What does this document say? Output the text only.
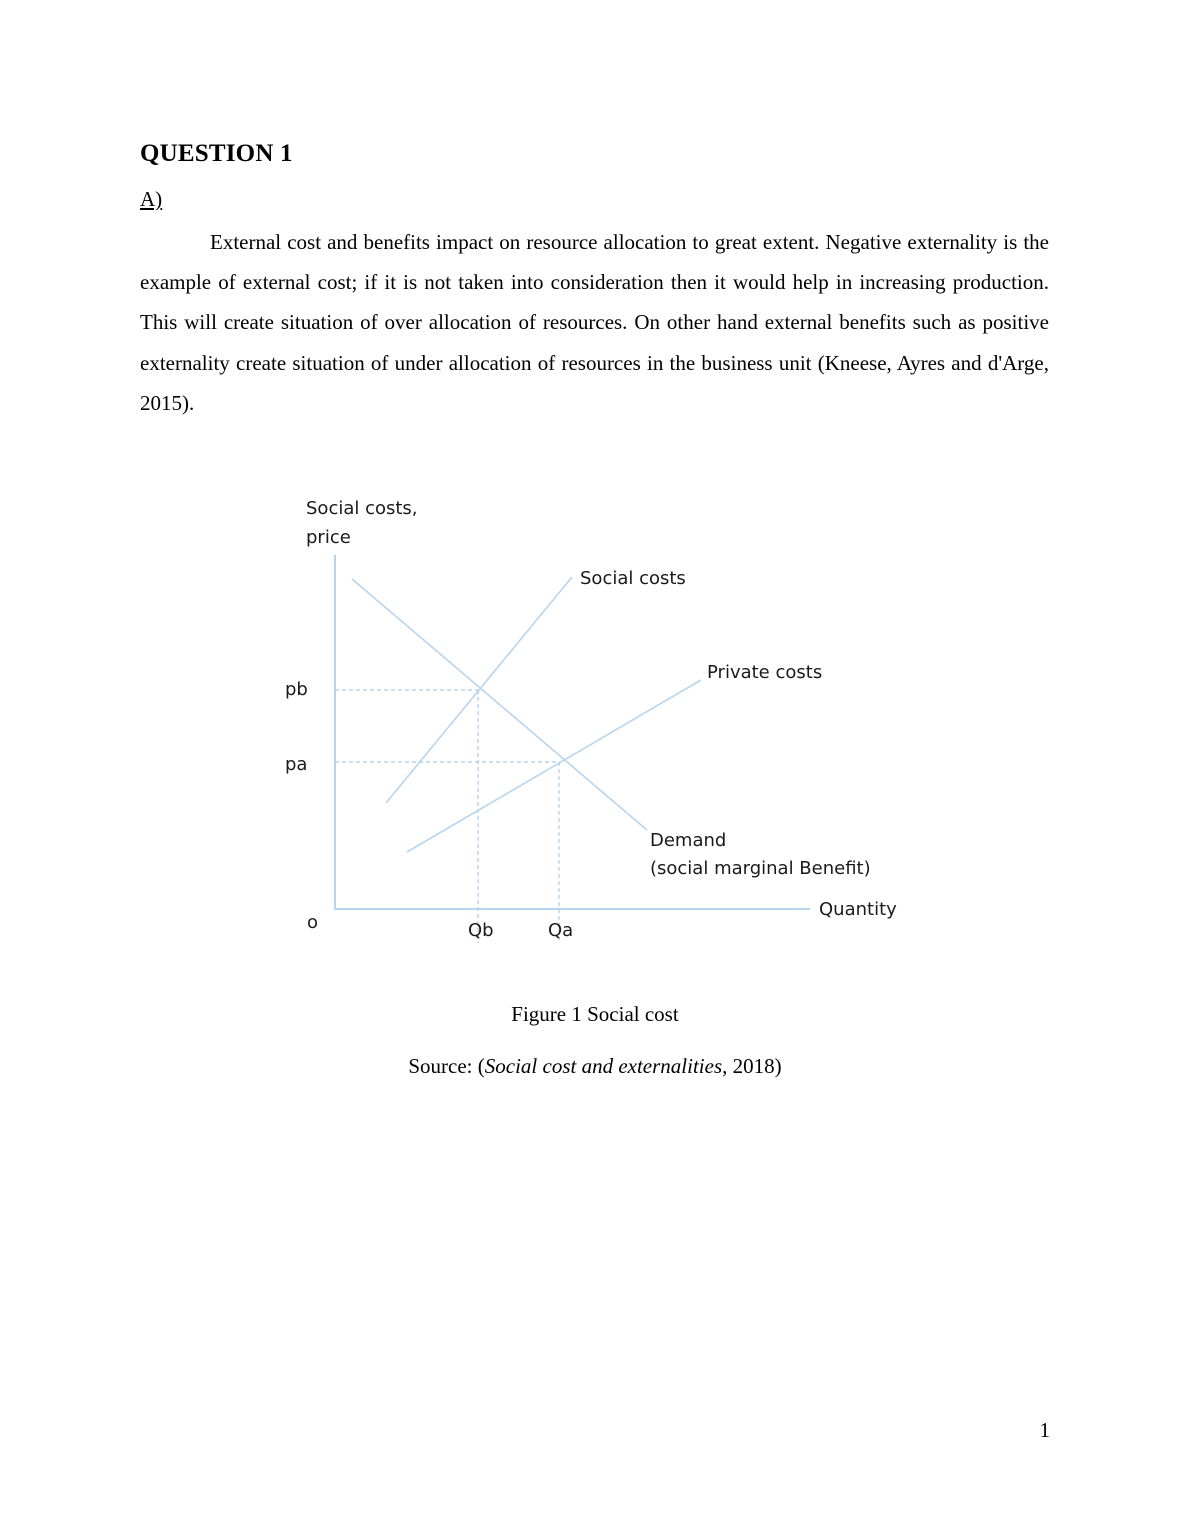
QUESTION 1

A)

External cost and benefits impact on resource allocation to great extent. Negative externality is the example of external cost; if it is not taken into consideration then it would help in increasing production. This will create situation of over allocation of resources. On other hand external benefits such as positive externality create situation of under allocation of resources in the business unit (Kneese, Ayres and d'Arge, 2015).

Social costs,
price
Social costs
Private costs
pb
pa
Demand
(social marginal Benefit)
Quantity
o	Qb	Qa

Figure 1 Social cost

Source: (Social cost and externalities, 2018)

1
